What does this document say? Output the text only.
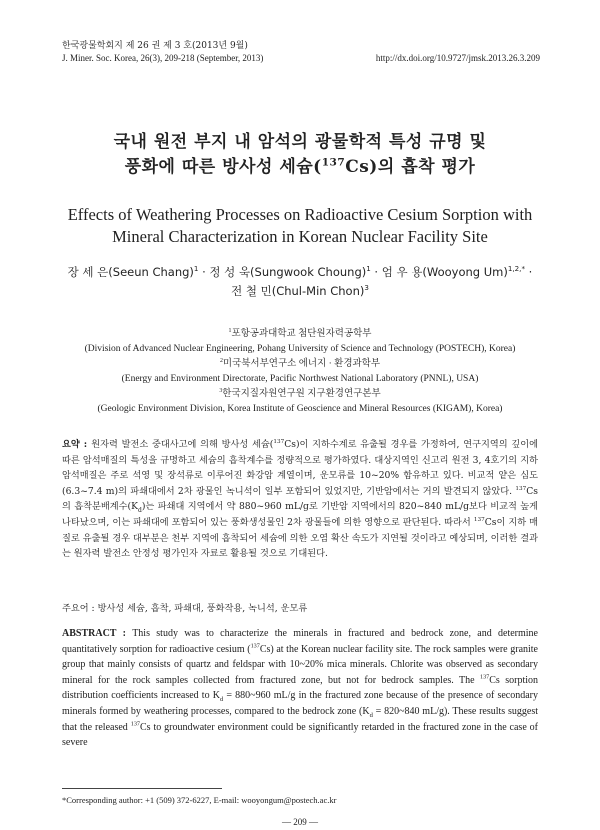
한국광물학회지 제 26 권 제 3 호(2013년 9월)
J. Miner. Soc. Korea, 26(3), 209-218 (September, 2013)	http://dx.doi.org/10.9727/jmsk.2013.26.3.209
국내 원전 부지 내 암석의 광물학적 특성 규명 및
풍화에 따른 방사성 세슘($^{137}$Cs)의 흡착 평가
Effects of Weathering Processes on Radioactive Cesium Sorption with
Mineral Characterization in Korean Nuclear Facility Site
장 세 은(Seeun Chang)$^1$ · 정 성 욱(Sungwook Choung)$^1$ · 엄 우 용(Wooyong Um)$^{1,2,*}$ ·
전 철 민(Chul-Min Chon)$^3$
$^1$포항공과대학교 첨단원자력공학부
(Division of Advanced Nuclear Engineering, Pohang University of Science and Technology (POSTECH), Korea)
$^2$미국북서부연구소 에너지 · 환경과학부
(Energy and Environment Directorate, Pacific Northwest National Laboratory (PNNL), USA)
$^3$한국지질자원연구원 지구환경연구본부
(Geologic Environment Division, Korea Institute of Geoscience and Mineral Resources (KIGAM), Korea)
요약 : 원자력 발전소 중대사고에 의해 방사성 세슘($^{137}$Cs)이 지하수계로 유출될 경우를 가정하여, 연구지역의 깊이에 따른 암석매질의 특성을 규명하고 세슘의 흡착계수를 정량적으로 평가하였다. 대상지역인 신고리 원전 3, 4호기의 지하 암석매질은 주로 석영 및 장석류로 이루어진 화강암 계열이며, 운모류를 10~20% 함유하고 있다. 비교적 얕은 심도(6.3~7.4 m)의 파쇄대에서 2차 광물인 녹니석이 일부 포함되어 있었지만, 기반암에서는 거의 발견되지 않았다. $^{137}$Cs의 흡착분배계수$(K_d)$는 파쇄대 지역에서 약 880~960 mL/g로 기반암 지역에서의 820~840 mL/g보다 비교적 높게 나타났으며, 이는 파쇄대에 포함되어 있는 풍화생성물인 2차 광물들에 의한 영향으로 판단된다. 따라서 $^{137}$Cs이 지하 매질로 유출될 경우 대부분은 천부 지역에 흡착되어 세슘에 의한 오염 확산 속도가 지연될 것이라고 예상되며, 이러한 결과는 원자력 발전소 안정성 평가인자 자료로 활용될 것으로 기대된다.
주요어 : 방사성 세슘, 흡착, 파쇄대, 풍화작용, 녹니석, 운모류
ABSTRACT : This study was to characterize the minerals in fractured and bedrock zone, and determine quantitatively sorption for radioactive cesium ($^{137}$Cs) at the Korean nuclear facility site. The rock samples were granite group that mainly consists of quartz and feldspar with 10~20% mica minerals. Chlorite was observed as secondary mineral for the rock samples collected from fractured zone, but not for bedrock samples. The $^{137}$Cs sorption distribution coefficients increased to $K_d$ = 880~960 mL/g in the fractured zone because of the presence of secondary minerals formed by weathering processes, compared to the bedrock zone ($K_d$ = 820~840 mL/g). These results suggest that the released $^{137}$Cs to groundwater environment could be significantly retarded in the fractured zone in the case of severe
*Corresponding author: +1 (509) 372-6227, E-mail: wooyongum@postech.ac.kr
— 209 —
